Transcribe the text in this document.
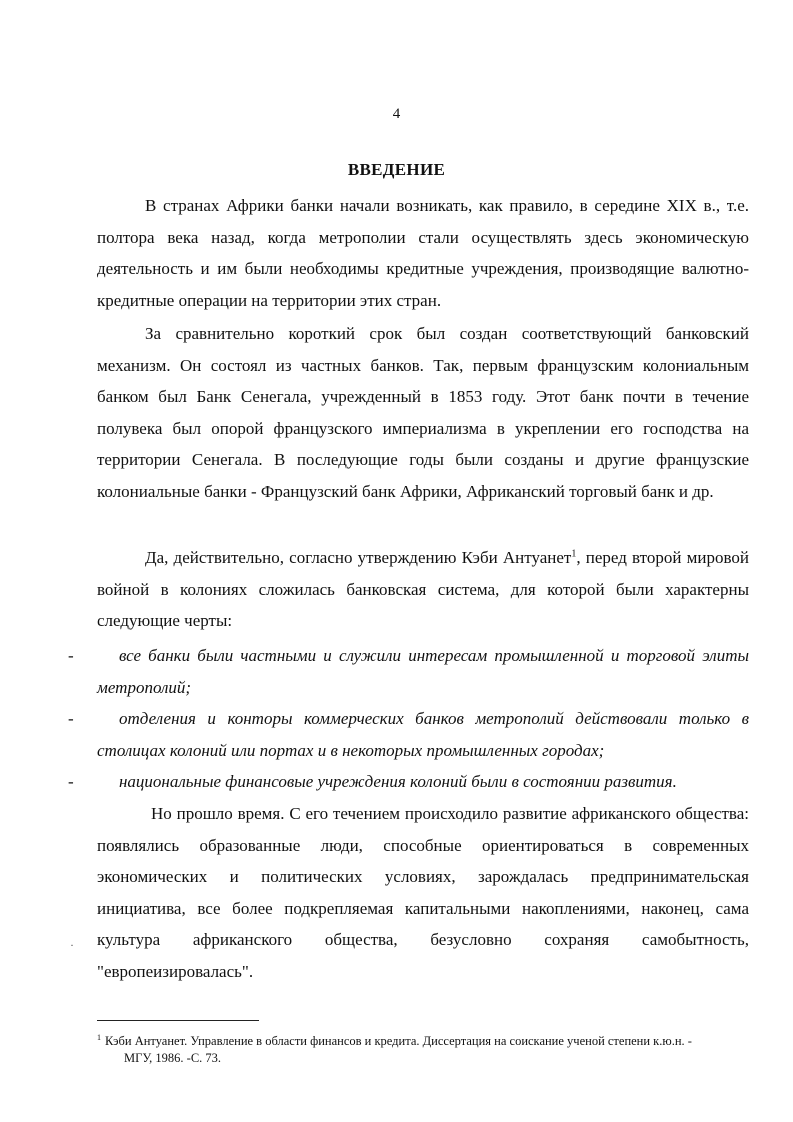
4
ВВЕДЕНИЕ

В странах Африки банки начали возникать, как правило, в середине XIX в., т.е. полтора века назад, когда метрополии стали осуществлять здесь экономическую деятельность и им были необходимы кредитные учреждения, производящие валютно-кредитные операции на территории этих стран.

За сравнительно короткий срок был создан соответствующий банковский механизм. Он состоял из частных банков. Так, первым французским колониальным банком был Банк Сенегала, учрежденный в 1853 году. Этот банк почти в течение полувека был опорой французского империализма в укреплении его господства на территории Сенегала. В последующие годы были созданы и другие французские колониальные банки - Французский банк Африки, Африканский торговый банк и др.

Да, действительно, согласно утверждению Кэби Антуанет$^1$, перед второй мировой войной в колониях сложилась банковская система, для которой были характерны следующие черты:

-	все банки были частными и служили интересам промышленной и торговой элиты метрополий;
-	отделения и конторы коммерческих банков метрополий действовали только в столицах колоний или портах и в некоторых промышленных городах;
-	национальные финансовые учреждения колоний были в состоянии развития.

Но прошло время. С его течением происходило развитие африканского общества: появлялись образованные люди, способные ориентироваться в современных экономических и политических условиях, зарождалась предпринимательская инициатива, все более подкрепляемая капитальными накоплениями, наконец, сама культура африканского общества, безусловно сохраняя самобытность, "европеизировалась".

·
$^1$ Кэби Антуанет. Управление в области финансов и кредита. Диссертация на соискание ученой степени к.ю.н. -
МГУ, 1986. -С. 73.
